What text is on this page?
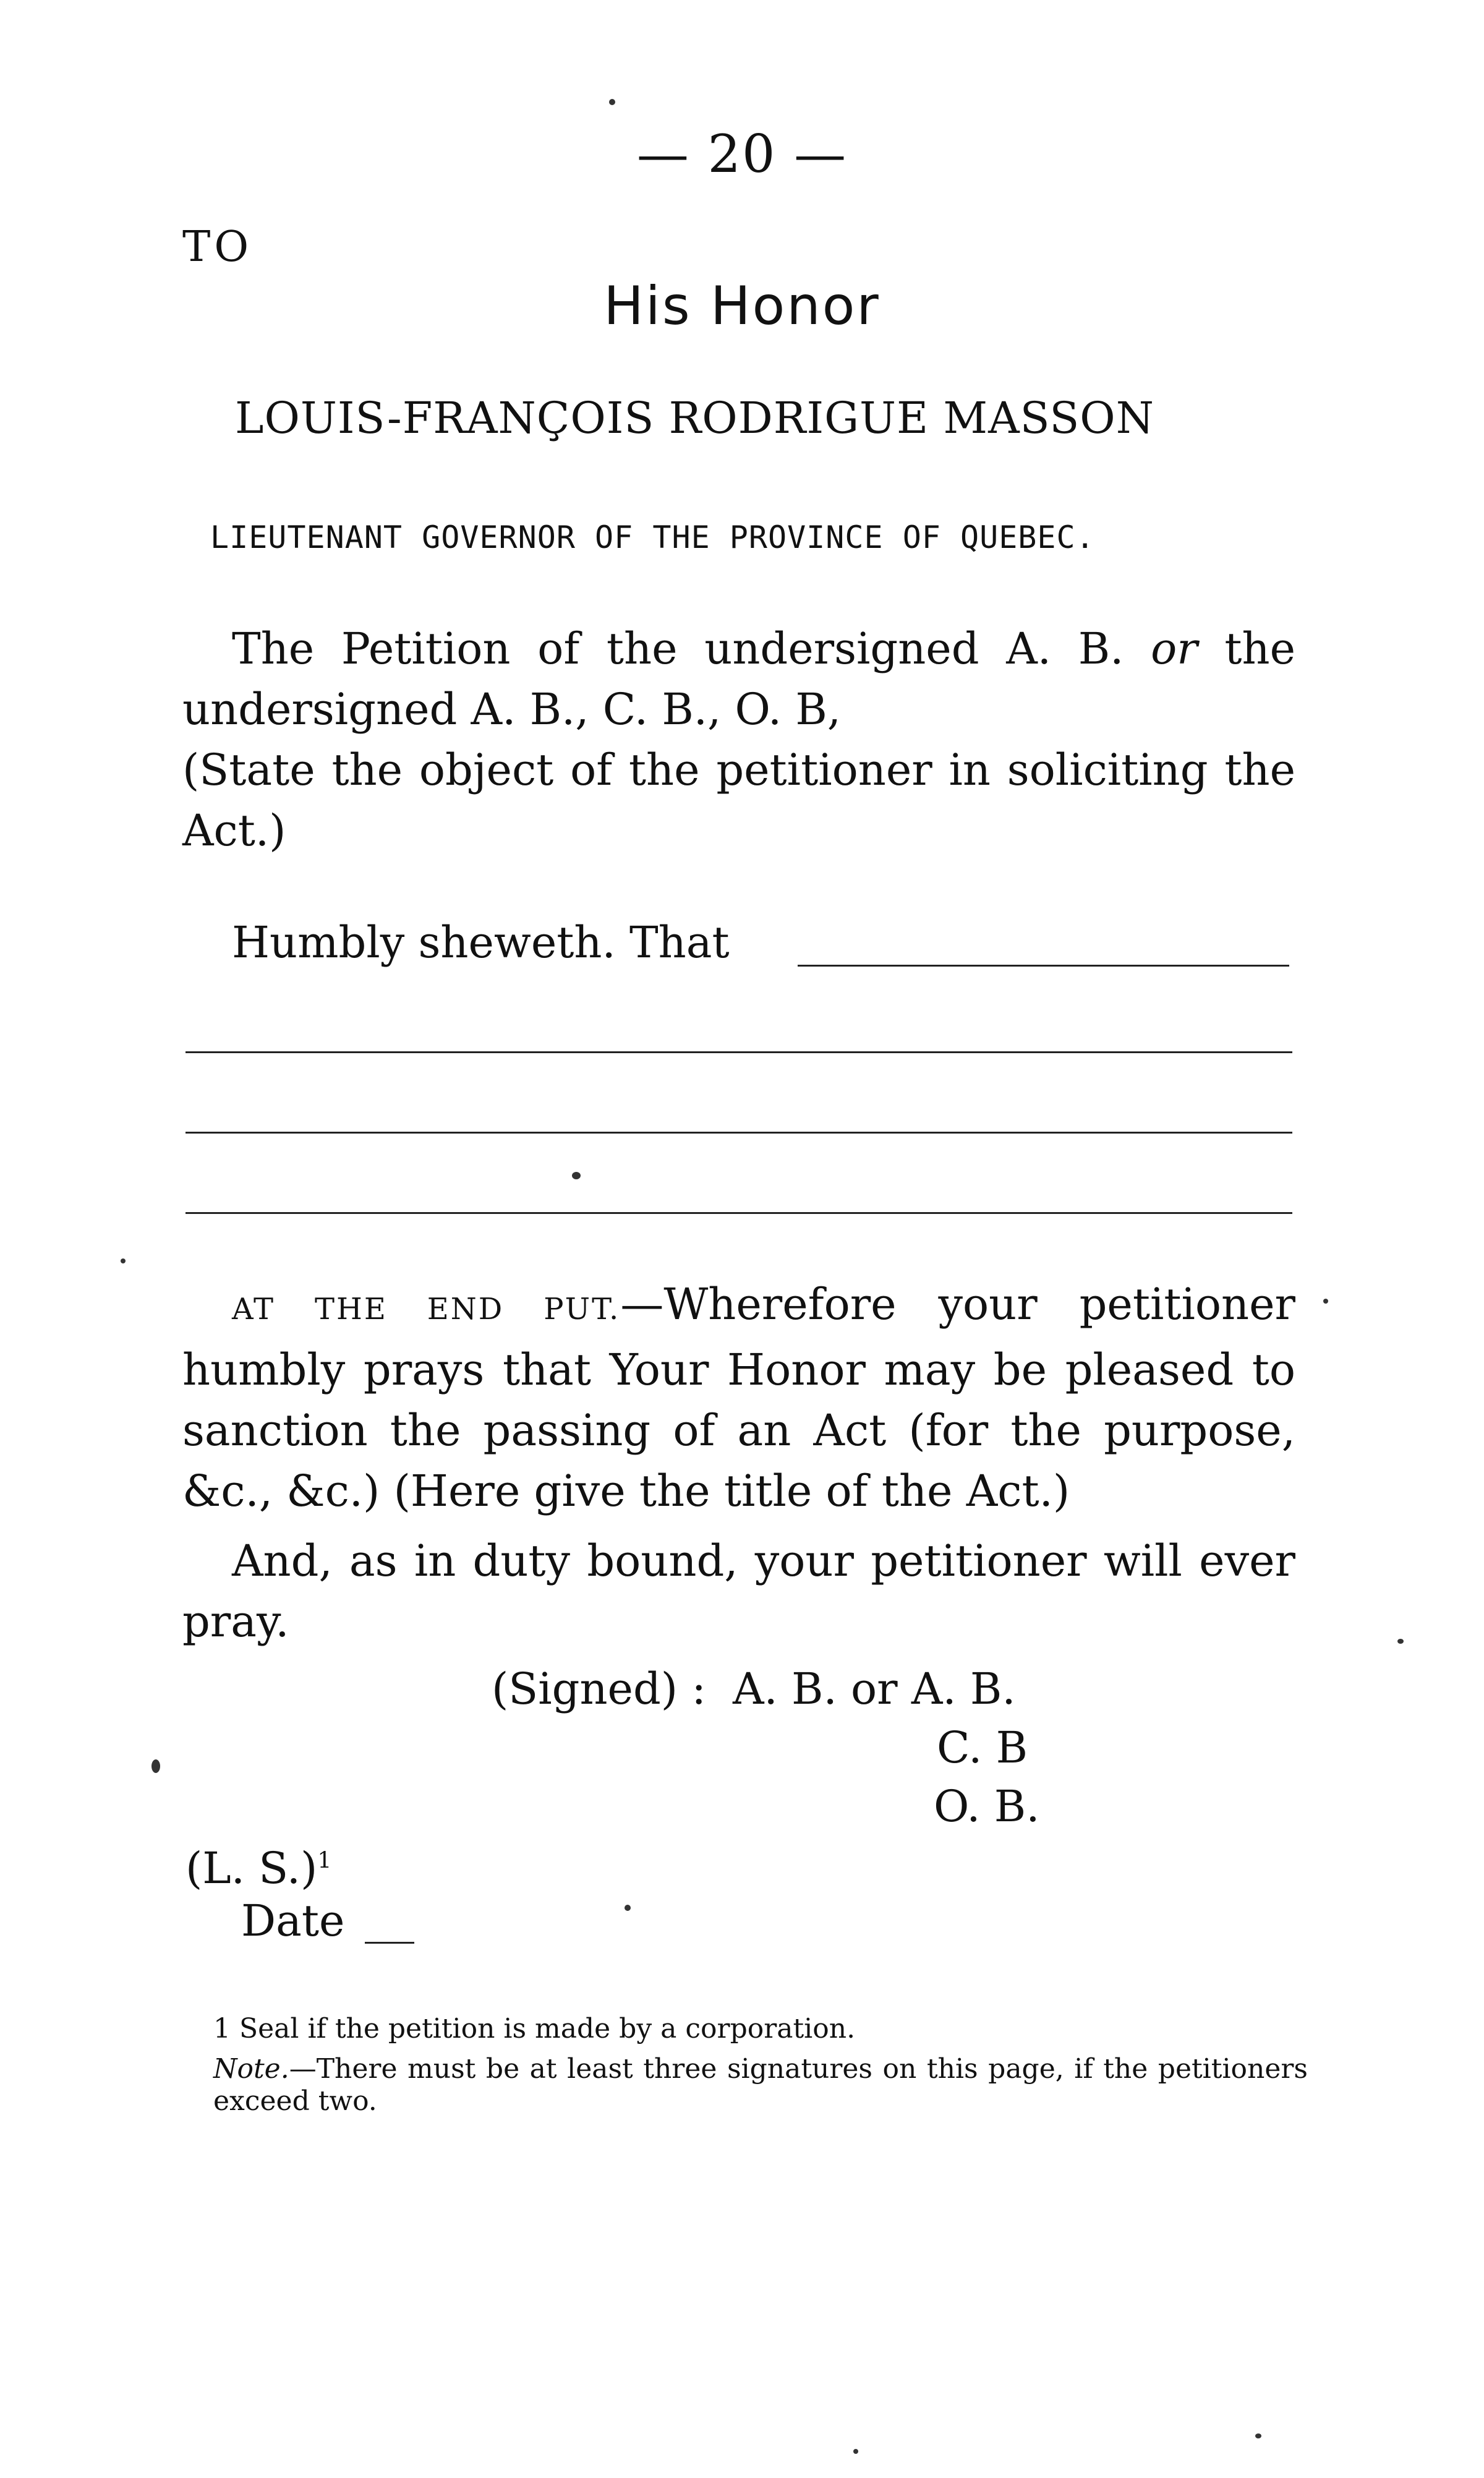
— 20 —
TO
His Honor
LOUIS-FRANÇOIS RODRIGUE MASSON
LIEUTENANT GOVERNOR OF THE PROVINCE OF QUEBEC.
The Petition of the undersigned A. B. or the undersigned A. B., C. B., O. B,
(State the object of the petitioner in soliciting the Act.)
Humbly sheweth. That
AT THE END PUT.—Wherefore your petitioner humbly prays that Your Honor may be pleased to sanction the passing of an Act (for the purpose, &c., &c.) (Here give the title of the Act.)
And, as in duty bound, your petitioner will ever pray.
(Signed) : A. B. or A. B.
C. B
O. B.
(L. S.)$^1$
Date
1 Seal if the petition is made by a corporation.
Note.—There must be at least three signatures on this page, if the petitioners exceed two.
